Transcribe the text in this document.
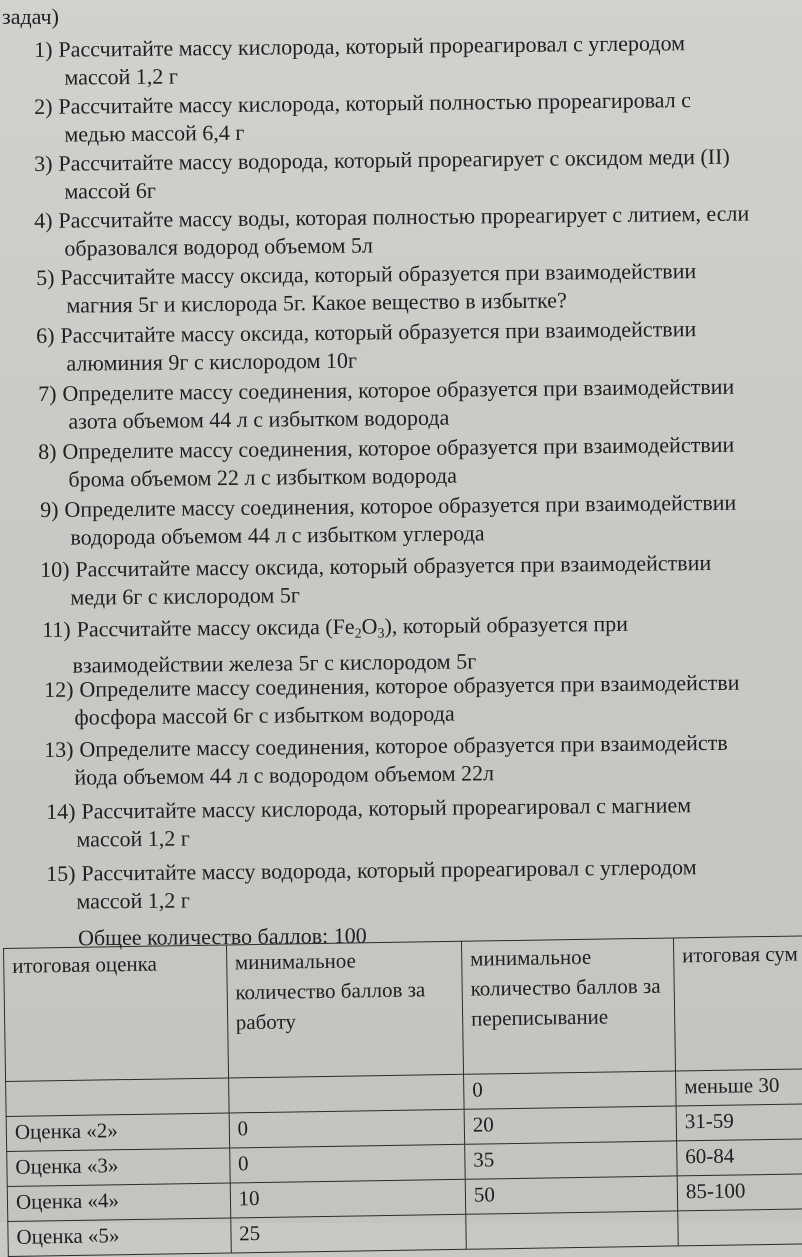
задач)

1) Рассчитайте массу кислорода, который прореагировал с углеродом
массой 1,2 г
2) Рассчитайте массу кислорода, который полностью прореагировал с
медью массой 6,4 г
3) Рассчитайте массу водорода, который прореагирует с оксидом меди (II)
массой 6г
4) Рассчитайте массу воды, которая полностью прореагирует с литием, если
образовался водород объемом 5л
5) Рассчитайте массу оксида, который образуется при взаимодействии
магния 5г и кислорода 5г. Какое вещество в избытке?
6) Рассчитайте массу оксида, который образуется при взаимодействии
алюминия 9г с кислородом 10г
7) Определите массу соединения, которое образуется при взаимодействии
азота объемом 44 л с избытком водорода
8) Определите массу соединения, которое образуется при взаимодействии
брома объемом 22 л с избытком водорода
9) Определите массу соединения, которое образуется при взаимодействии
водорода объемом 44 л с избытком углерода
10) Рассчитайте массу оксида, который образуется при взаимодействии
меди 6г с кислородом 5г
11) Рассчитайте массу оксида $(Fe_2O_3)$, который образуется при
взаимодействии железа 5г с кислородом 5г
12) Определите массу соединения, которое образуется при взаимодействи
фосфора массой 6г с избытком водорода
13) Определите массу соединения, которое образуется при взаимодейств
йода объемом 44 л с водородом объемом 22л
14) Рассчитайте массу кислорода, который прореагировал с магнием
массой 1,2 г
15) Рассчитайте массу водорода, который прореагировал с углеродом
массой 1,2 г
Общее количество баллов: 100
итоговая оценка	минимальное количество баллов за работу	минимальное количество баллов за переписывание	итоговая сум
		0	меньше 30
Оценка «2»	0	20	31-59
Оценка «3»	0	35	60-84
Оценка «4»	10	50	85-100
Оценка «5»	25		
